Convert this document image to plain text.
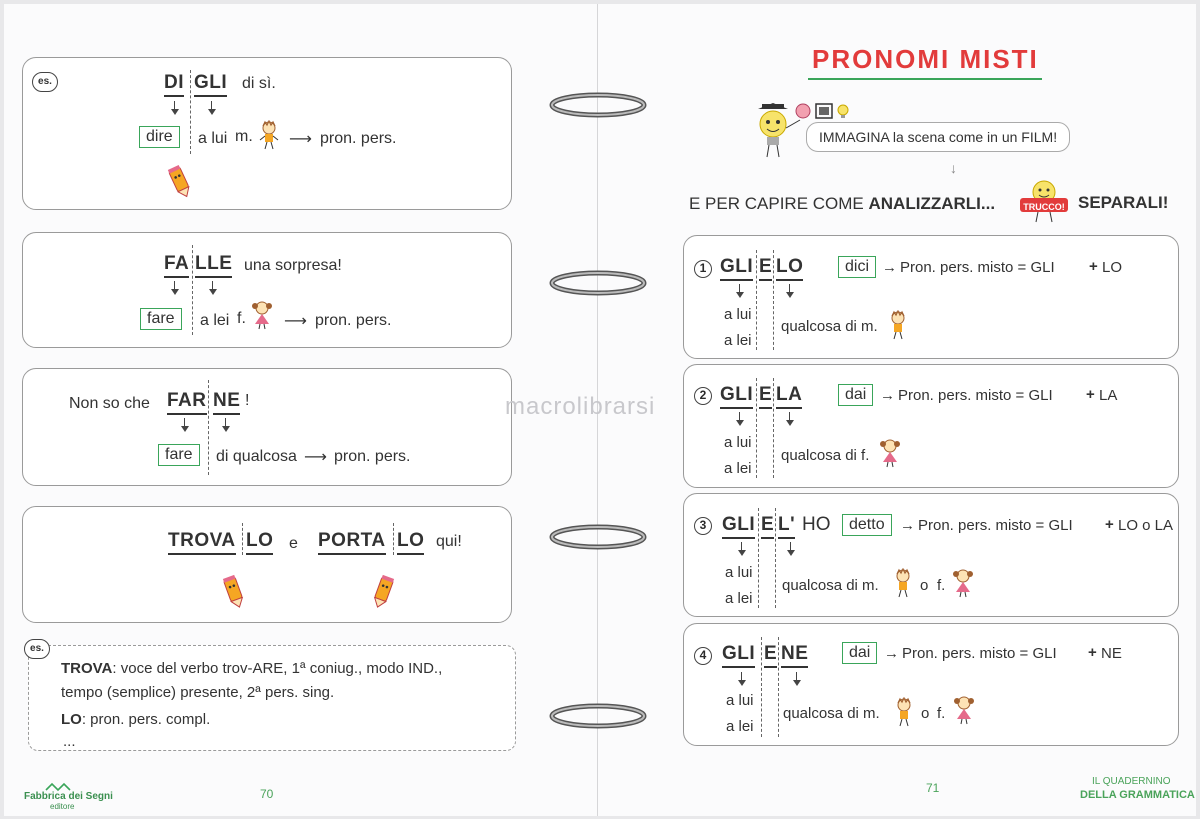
es.	DI GLI di sì.
dire	a lui m. ⟶ pron. pers.
FA LLE una sorpresa!
fare	a lei f. ⟶ pron. pers.
Non so che FAR NE !
fare	di qualcosa ⟶ pron. pers.
TROVA LO e PORTA LO qui!
es.
TROVA: voce del verbo trov-ARE, 1ª coniug., modo IND.,
tempo (semplice) presente, 2ª pers. sing.
LO: pron. pers. compl.
...
Fabbrica dei Segni
editore
70
macrolibrarsi
PRONOMI MISTI
IMMAGINA la scena come in un FILM!
↓
E PER CAPIRE COME ANALIZZARLI...	TRUCCO! SEPARALI!
1 GLI E LO	dici → Pron. pers. misto = GLI + LO
a lui
a lei
qualcosa di m.
2 GLI E LA	dai → Pron. pers. misto = GLI + LA
a lui
a lei
qualcosa di f.
3 GLI E L' HO	detto	→ Pron. pers. misto = GLI + LO o LA
a lui
a lei
qualcosa di m.	o f.
4 GLI E NE	dai → Pron. pers. misto = GLI + NE
a lui
a lei
qualcosa di m.	o f.
71	IL QUADERNINO
DELLA GRAMMATICA
